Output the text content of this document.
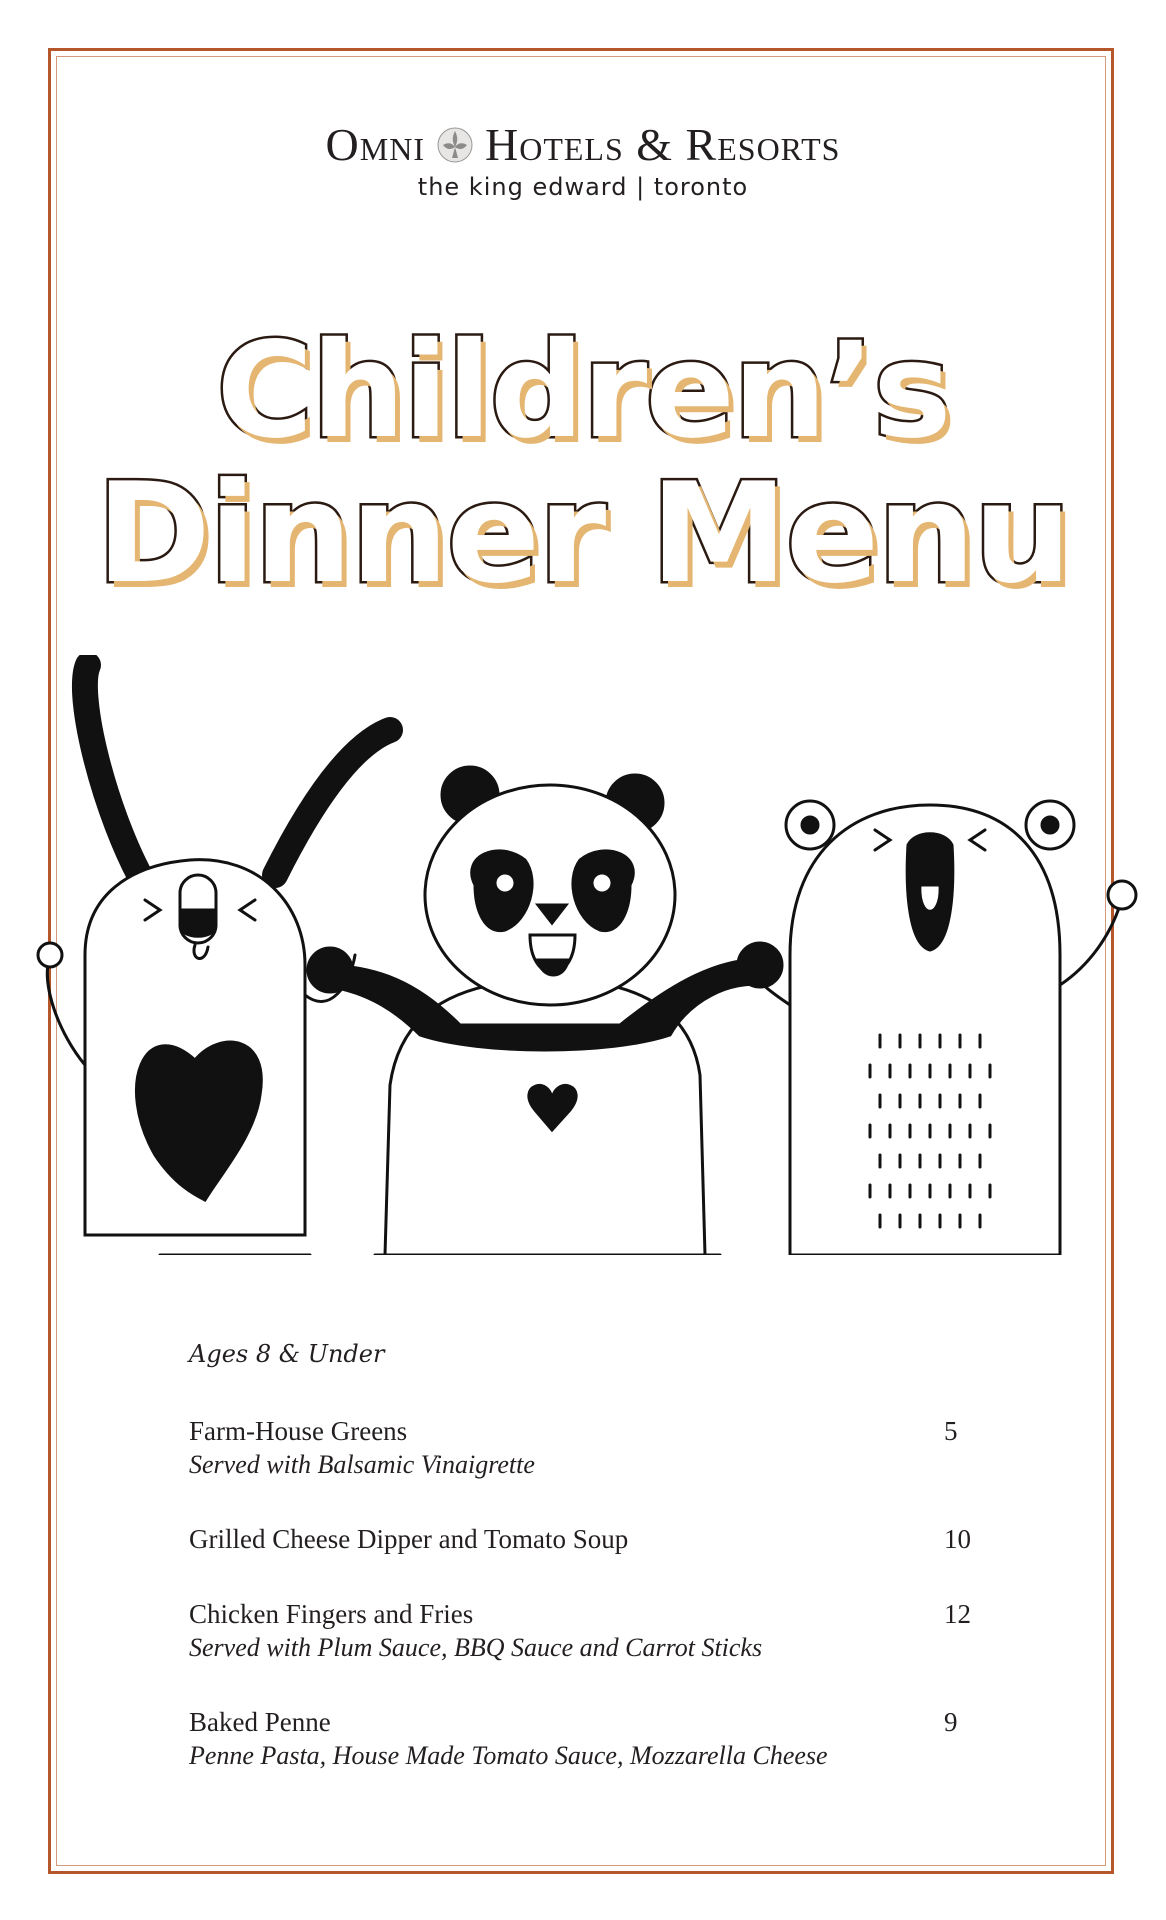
Omni Hotels & Resorts
the king edward | toronto
Children’s
Dinner Menu
Ages 8 & Under
Farm-House Greens
Served with Balsamic Vinaigrette
5
Grilled Cheese Dipper and Tomato Soup	10
Chicken Fingers and Fries
Served with Plum Sauce, BBQ Sauce and Carrot Sticks
12
Baked Penne
Penne Pasta, House Made Tomato Sauce, Mozzarella Cheese
9
